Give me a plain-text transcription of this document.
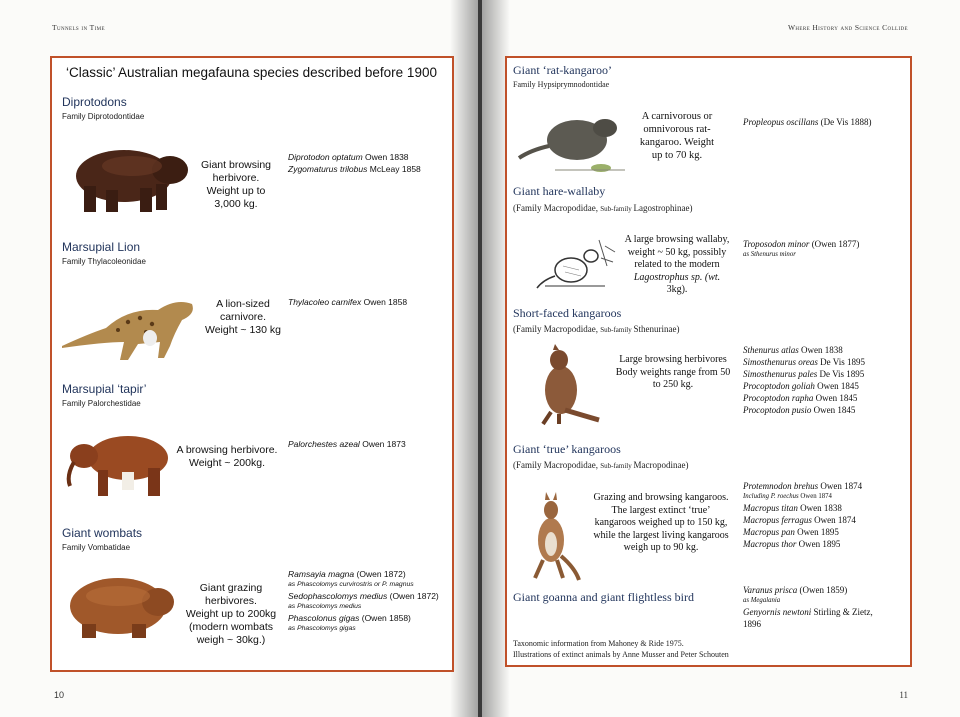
Tunnels in Time
‘Classic’ Australian megafauna species described before 1900
Diprotodons
Family Diprotodontidae
Giant browsing
herbivore.
Weight up to
3,000 kg.
Diprotodon optatum Owen 1838
Zygomaturus trilobus McLeay 1858
Marsupial Lion
Family Thylacoleonidae
A lion-sized
carnivore.
Weight ~ 130 kg
Thylacoleo carnifex Owen 1858
Marsupial ‘tapir’
Family Palorchestidae
A browsing herbivore.
Weight ~ 200kg.
Palorchestes azeal Owen 1873
Giant wombats
Family Vombatidae
Giant grazing
herbivores.
Weight up to 200kg
(modern wombats
weigh ~ 30kg.)
Ramsayia magna (Owen 1872)
as Phascolomys curvirostris or P. magnus
Sedophascolomys medius (Owen 1872)
as Phascolomys medius
Phascolonus gigas (Owen 1858)
as Phascolomys gigas
10
Where History and Science Collide
Giant ‘rat-kangaroo’
Family Hypsiprymnodontidae
A carnivorous or
omnivorous rat-
kangaroo. Weight
up to 70 kg.
Propleopus oscillans (De Vis 1888)
Giant hare-wallaby
(Family Macropodidae, Sub-family Lagostrophinae)
A large browsing wallaby,
weight ~ 50 kg, possibly
related to the modern
Lagostrophus sp. (wt.
3kg).
Troposodon minor (Owen 1877)
as Sthenurus minor
Short-faced kangaroos
(Family Macropodidae, Sub-family Sthenurinae)
Large browsing herbivores
Body weights range from 50
to 250 kg.
Sthenurus atlas Owen 1838
Simosthenurus oreas De Vis 1895
Simosthenurus pales De Vis 1895
Procoptodon goliah Owen 1845
Procoptodon rapha Owen 1845
Procoptodon pusio Owen 1845
Giant ‘true’ kangaroos
(Family Macropodidae, Sub-family Macropodinae)
Grazing and browsing kangaroos.
The largest extinct ‘true’
kangaroos weighed up to 150 kg,
while the largest living kangaroos
weigh up to 90 kg.
Protemnodon brehus Owen 1874
Including P. roechus Owen 1874
Macropus titan Owen 1838
Macropus ferragus Owen 1874
Macropus pan Owen 1895
Macropus thor Owen 1895
Giant goanna and giant flightless bird	Varanus prisca (Owen 1859)
as Megalania
Genyornis newtoni Stirling & Zietz,
1896
Taxonomic information from Mahoney & Ride 1975.
Illustrations of extinct animals by Anne Musser and Peter Schouten
11
